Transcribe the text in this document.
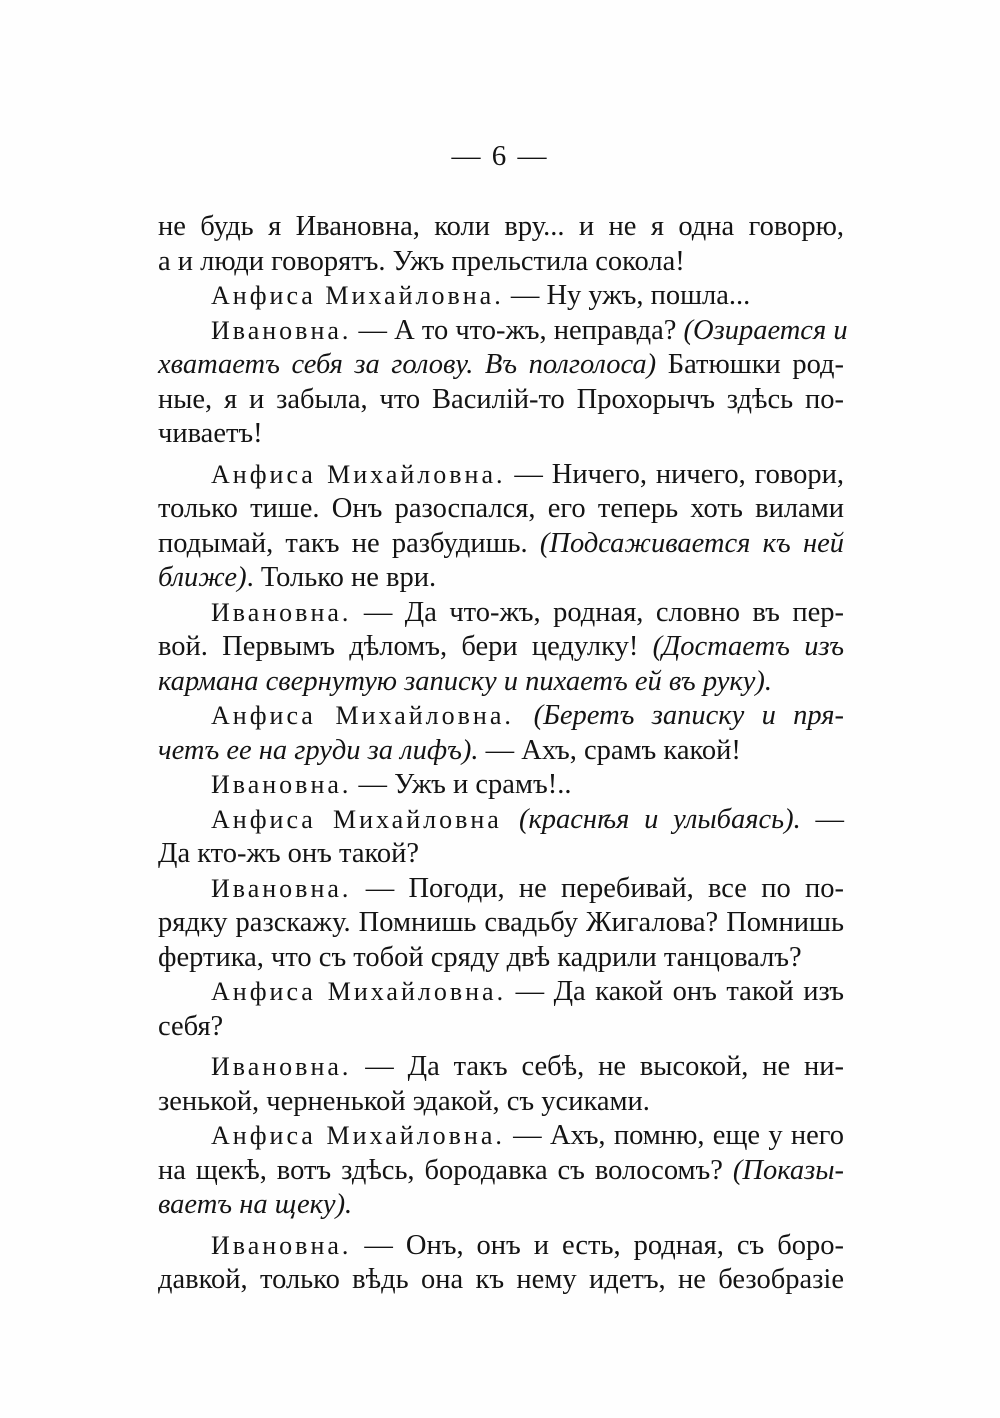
— 6 —
не будь я Ивановна, коли вру... и не я одна говорю,
а и люди говорятъ. Ужъ прельстила сокола!
Анфиса Михайловна. — Ну ужъ, пошла...
Ивановна. — А то что-жъ, неправда? (Озирается и
хватаетъ себя за голову. Въ полголоса) Батюшки род-
ные, я и забыла, что Василій-то Прохорычъ здѣсь по-
чиваетъ!
Анфиса Михайловна. — Ничего, ничего, говори,
только тише. Онъ разоспался, его теперь хоть вилами
подымай, такъ не разбудишь. (Подсаживается къ ней
ближе). Только не ври.
Ивановна. — Да что-жъ, родная, словно въ пер-
вой. Первымъ дѣломъ, бери цедулку! (Достаетъ изъ
кармана свернутую записку и пихаетъ ей въ руку).
Анфиса Михайловна. (Беретъ записку и пря-
четъ ее на груди за лифъ). — Ахъ, срамъ какой!
Ивановна. — Ужъ и срамъ!..
Анфиса Михайловна (краснѣя и улыбаясь). —
Да кто-жъ онъ такой?
Ивановна. — Погоди, не перебивай, все по по-
рядку разскажу. Помнишь свадьбу Жигалова? Помнишь
фертика, что съ тобой сряду двѣ кадрили танцовалъ?
Анфиса Михайловна. — Да какой онъ такой изъ
себя?
Ивановна. — Да такъ себѣ, не высокой, не ни-
зенькой, черненькой эдакой, съ усиками.
Анфиса Михайловна. — Ахъ, помню, еще у него
на щекѣ, вотъ здѣсь, бородавка съ волосомъ? (Показы-
ваетъ на щеку).
Ивановна. — Онъ, онъ и есть, родная, съ боро-
давкой, только вѣдь она къ нему идетъ, не безобразіе
